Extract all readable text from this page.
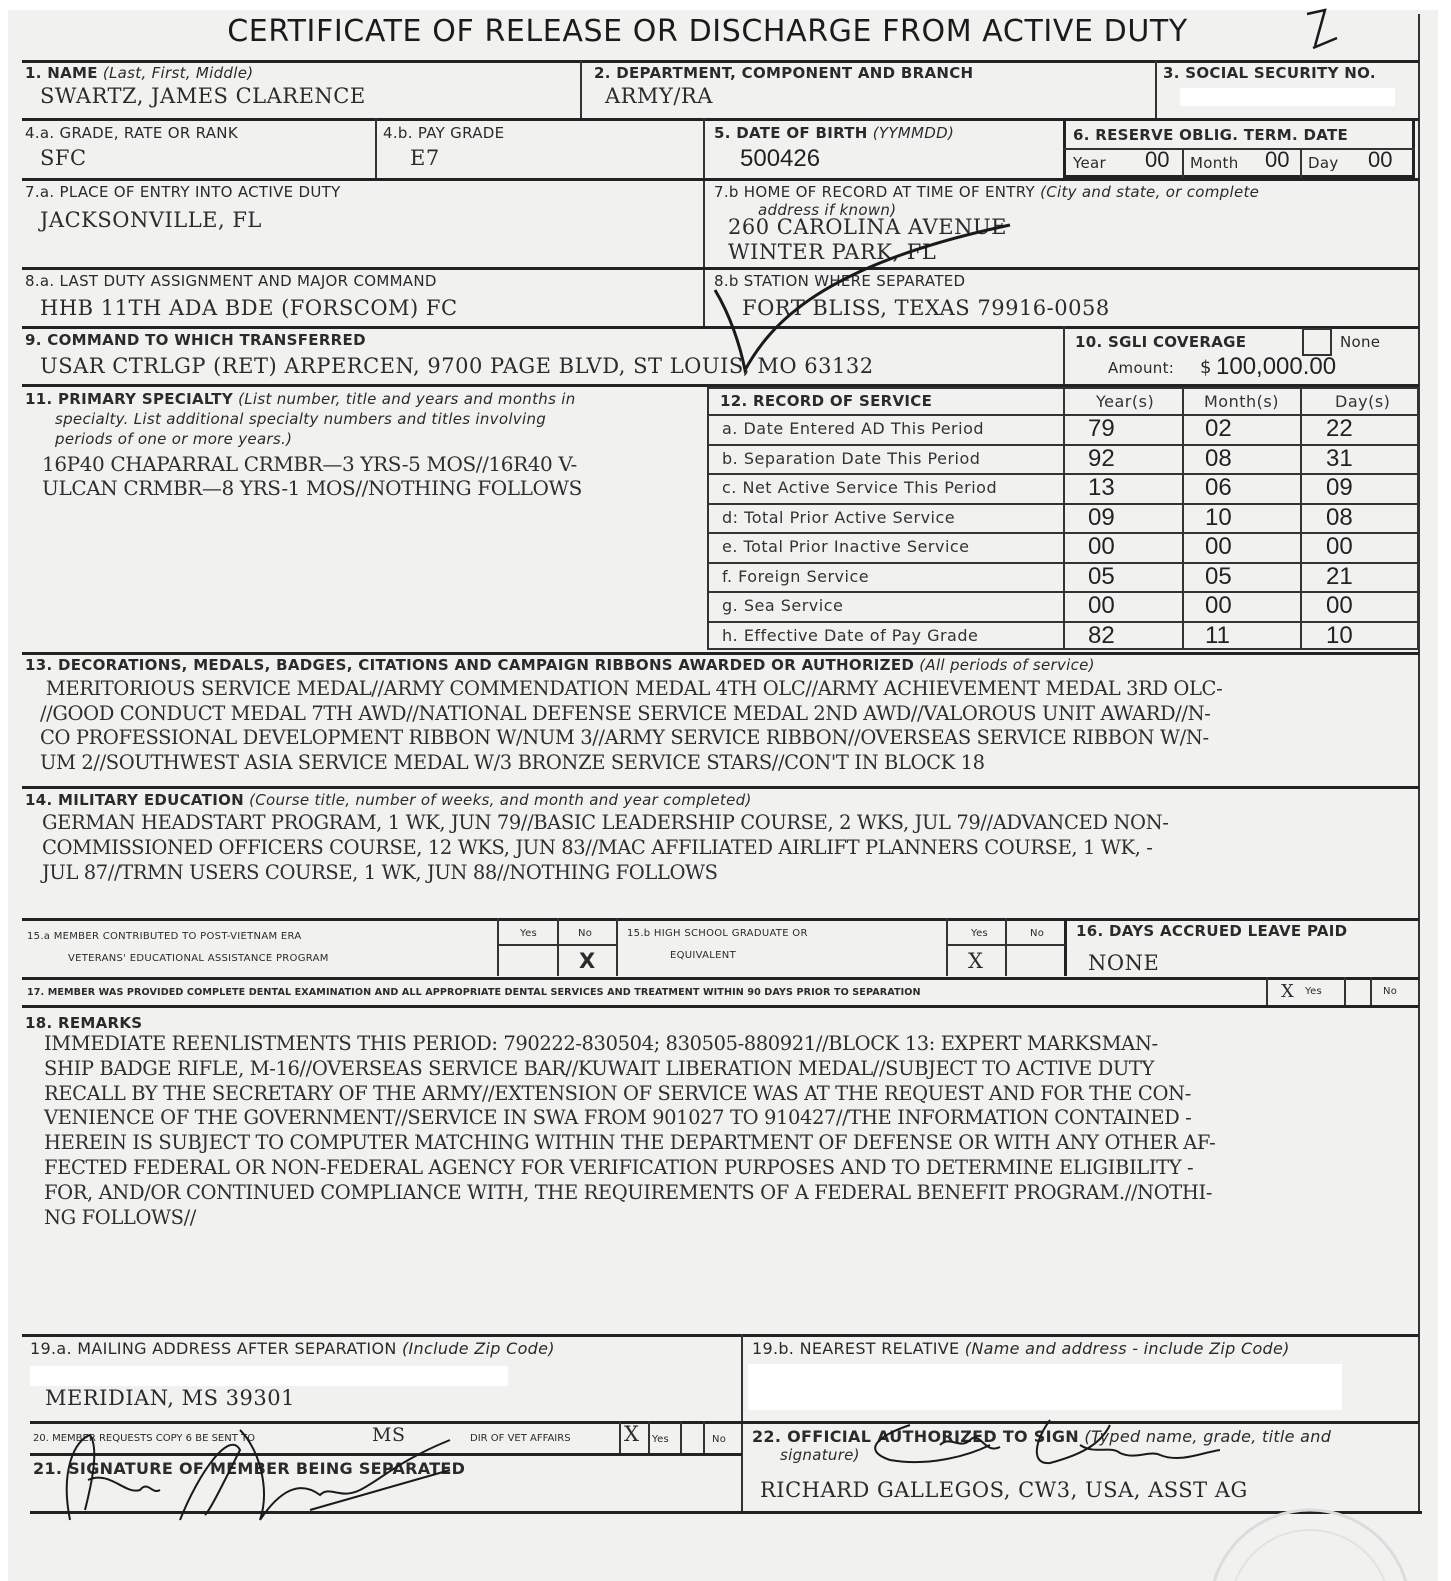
CERTIFICATE OF RELEASE OR DISCHARGE FROM ACTIVE DUTY
1. NAME (Last, First, Middle)
SWARTZ, JAMES CLARENCE
2. DEPARTMENT, COMPONENT AND BRANCH
ARMY/RA
3. SOCIAL SECURITY NO.
4.a. GRADE, RATE OR RANK
SFC
4.b. PAY GRADE
E7
5. DATE OF BIRTH (YYMMDD)
500426
6. RESERVE OBLIG. TERM. DATE
Year 00 Month 00 Day 00
7.a. PLACE OF ENTRY INTO ACTIVE DUTY
JACKSONVILLE, FL
7.b HOME OF RECORD AT TIME OF ENTRY (City and state, or complete
address if known)
260 CAROLINA AVENUE
WINTER PARK, FL
8.a. LAST DUTY ASSIGNMENT AND MAJOR COMMAND
HHB 11TH ADA BDE (FORSCOM) FC
8.b STATION WHERE SEPARATED
FORT BLISS, TEXAS 79916-0058
9. COMMAND TO WHICH TRANSFERRED
USAR CTRLGP (RET) ARPERCEN, 9700 PAGE BLVD, ST LOUIS, MO 63132
10. SGLI COVERAGE	None
Amount: $ 100,000.00
11. PRIMARY SPECIALTY (List number, title and years and months in
specialty. List additional specialty numbers and titles involving
periods of one or more years.)
16P40 CHAPARRAL CRMBR—3 YRS-5 MOS//16R40 V-
ULCAN CRMBR—8 YRS-1 MOS//NOTHING FOLLOWS
12. RECORD OF SERVICE	Year(s)	Month(s)	Day(s)
a. Date Entered AD This Period	79	02	22
b. Separation Date This Period	92	08	31
c. Net Active Service This Period	13	06	09
d: Total Prior Active Service	09	10	08
e. Total Prior Inactive Service	00	00	00
f. Foreign Service	05	05	21
g. Sea Service	00	00	00
h. Effective Date of Pay Grade	82	11	10
13. DECORATIONS, MEDALS, BADGES, CITATIONS AND CAMPAIGN RIBBONS AWARDED OR AUTHORIZED (All periods of service)
MERITORIOUS SERVICE MEDAL//ARMY COMMENDATION MEDAL 4TH OLC//ARMY ACHIEVEMENT MEDAL 3RD OLC-
//GOOD CONDUCT MEDAL 7TH AWD//NATIONAL DEFENSE SERVICE MEDAL 2ND AWD//VALOROUS UNIT AWARD//N-
CO PROFESSIONAL DEVELOPMENT RIBBON W/NUM 3//ARMY SERVICE RIBBON//OVERSEAS SERVICE RIBBON W/N-
UM 2//SOUTHWEST ASIA SERVICE MEDAL W/3 BRONZE SERVICE STARS//CON'T IN BLOCK 18
14. MILITARY EDUCATION (Course title, number of weeks, and month and year completed)
GERMAN HEADSTART PROGRAM, 1 WK, JUN 79//BASIC LEADERSHIP COURSE, 2 WKS, JUL 79//ADVANCED NON-
COMMISSIONED OFFICERS COURSE, 12 WKS, JUN 83//MAC AFFILIATED AIRLIFT PLANNERS COURSE, 1 WK, -
JUL 87//TRMN USERS COURSE, 1 WK, JUN 88//NOTHING FOLLOWS
15.a MEMBER CONTRIBUTED TO POST-VIETNAM ERA
VETERANS' EDUCATIONAL ASSISTANCE PROGRAM
Yes	No
X
15.b HIGH SCHOOL GRADUATE OR
EQUIVALENT
Yes	No
X
16. DAYS ACCRUED LEAVE PAID
NONE
17. MEMBER WAS PROVIDED COMPLETE DENTAL EXAMINATION AND ALL APPROPRIATE DENTAL SERVICES AND TREATMENT WITHIN 90 DAYS PRIOR TO SEPARATION	X Yes	No
18. REMARKS
IMMEDIATE REENLISTMENTS THIS PERIOD: 790222-830504; 830505-880921//BLOCK 13: EXPERT MARKSMAN-
SHIP BADGE RIFLE, M-16//OVERSEAS SERVICE BAR//KUWAIT LIBERATION MEDAL//SUBJECT TO ACTIVE DUTY
RECALL BY THE SECRETARY OF THE ARMY//EXTENSION OF SERVICE WAS AT THE REQUEST AND FOR THE CON-
VENIENCE OF THE GOVERNMENT//SERVICE IN SWA FROM 901027 TO 910427//THE INFORMATION CONTAINED -
HEREIN IS SUBJECT TO COMPUTER MATCHING WITHIN THE DEPARTMENT OF DEFENSE OR WITH ANY OTHER AF-
FECTED FEDERAL OR NON-FEDERAL AGENCY FOR VERIFICATION PURPOSES AND TO DETERMINE ELIGIBILITY -
FOR, AND/OR CONTINUED COMPLIANCE WITH, THE REQUIREMENTS OF A FEDERAL BENEFIT PROGRAM.//NOTHI-
NG FOLLOWS//
19.a. MAILING ADDRESS AFTER SEPARATION (Include Zip Code)
MERIDIAN, MS 39301
19.b. NEAREST RELATIVE (Name and address - include Zip Code)
20. MEMBER REQUESTS COPY 6 BE SENT TO	MS	DIR OF VET AFFAIRS	X Yes	No
21. SIGNATURE OF MEMBER BEING SEPARATED
22. OFFICIAL AUTHORIZED TO SIGN (Typed name, grade, title and
signature)
RICHARD GALLEGOS, CW3, USA, ASST AG
